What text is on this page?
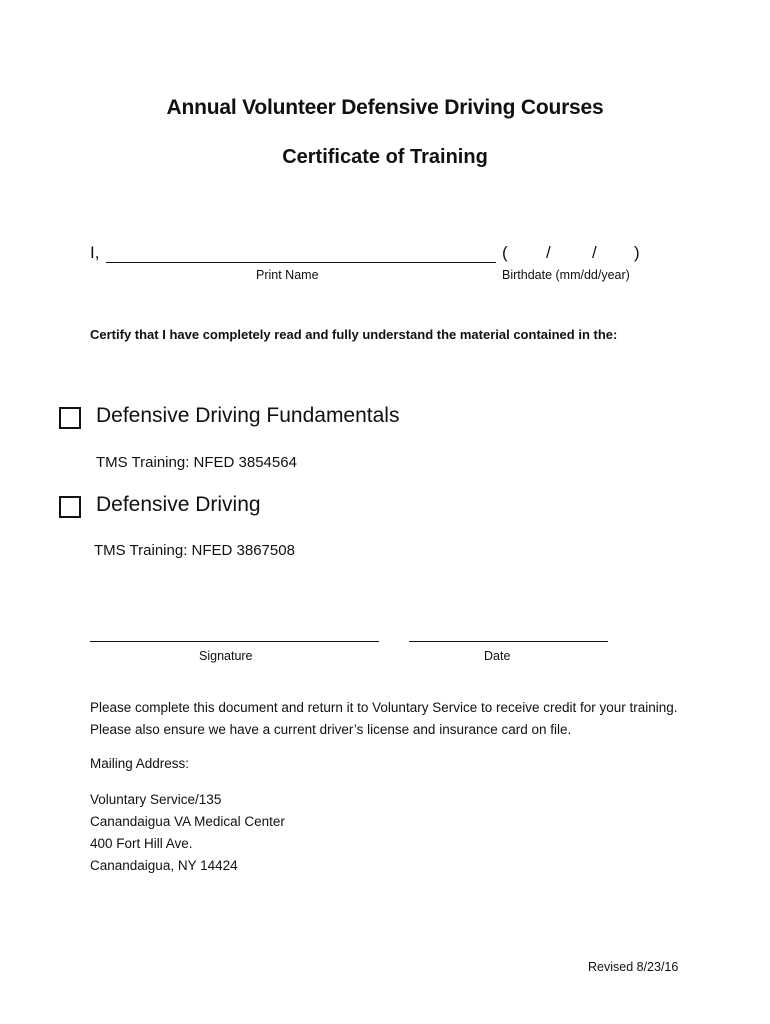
Annual Volunteer Defensive Driving Courses
Certificate of Training
I,	( / / )
Print Name	Birthdate (mm/dd/year)
Certify that I have completely read and fully understand the material contained in the:
Defensive Driving Fundamentals
TMS Training: NFED 3854564
Defensive Driving
TMS Training: NFED 3867508
Signature	Date
Please complete this document and return it to Voluntary Service to receive credit for your training. Please also ensure we have a current driver’s license and insurance card on file.
Mailing Address:
Voluntary Service/135
Canandaigua VA Medical Center
400 Fort Hill Ave.
Canandaigua, NY 14424
Revised 8/23/16
